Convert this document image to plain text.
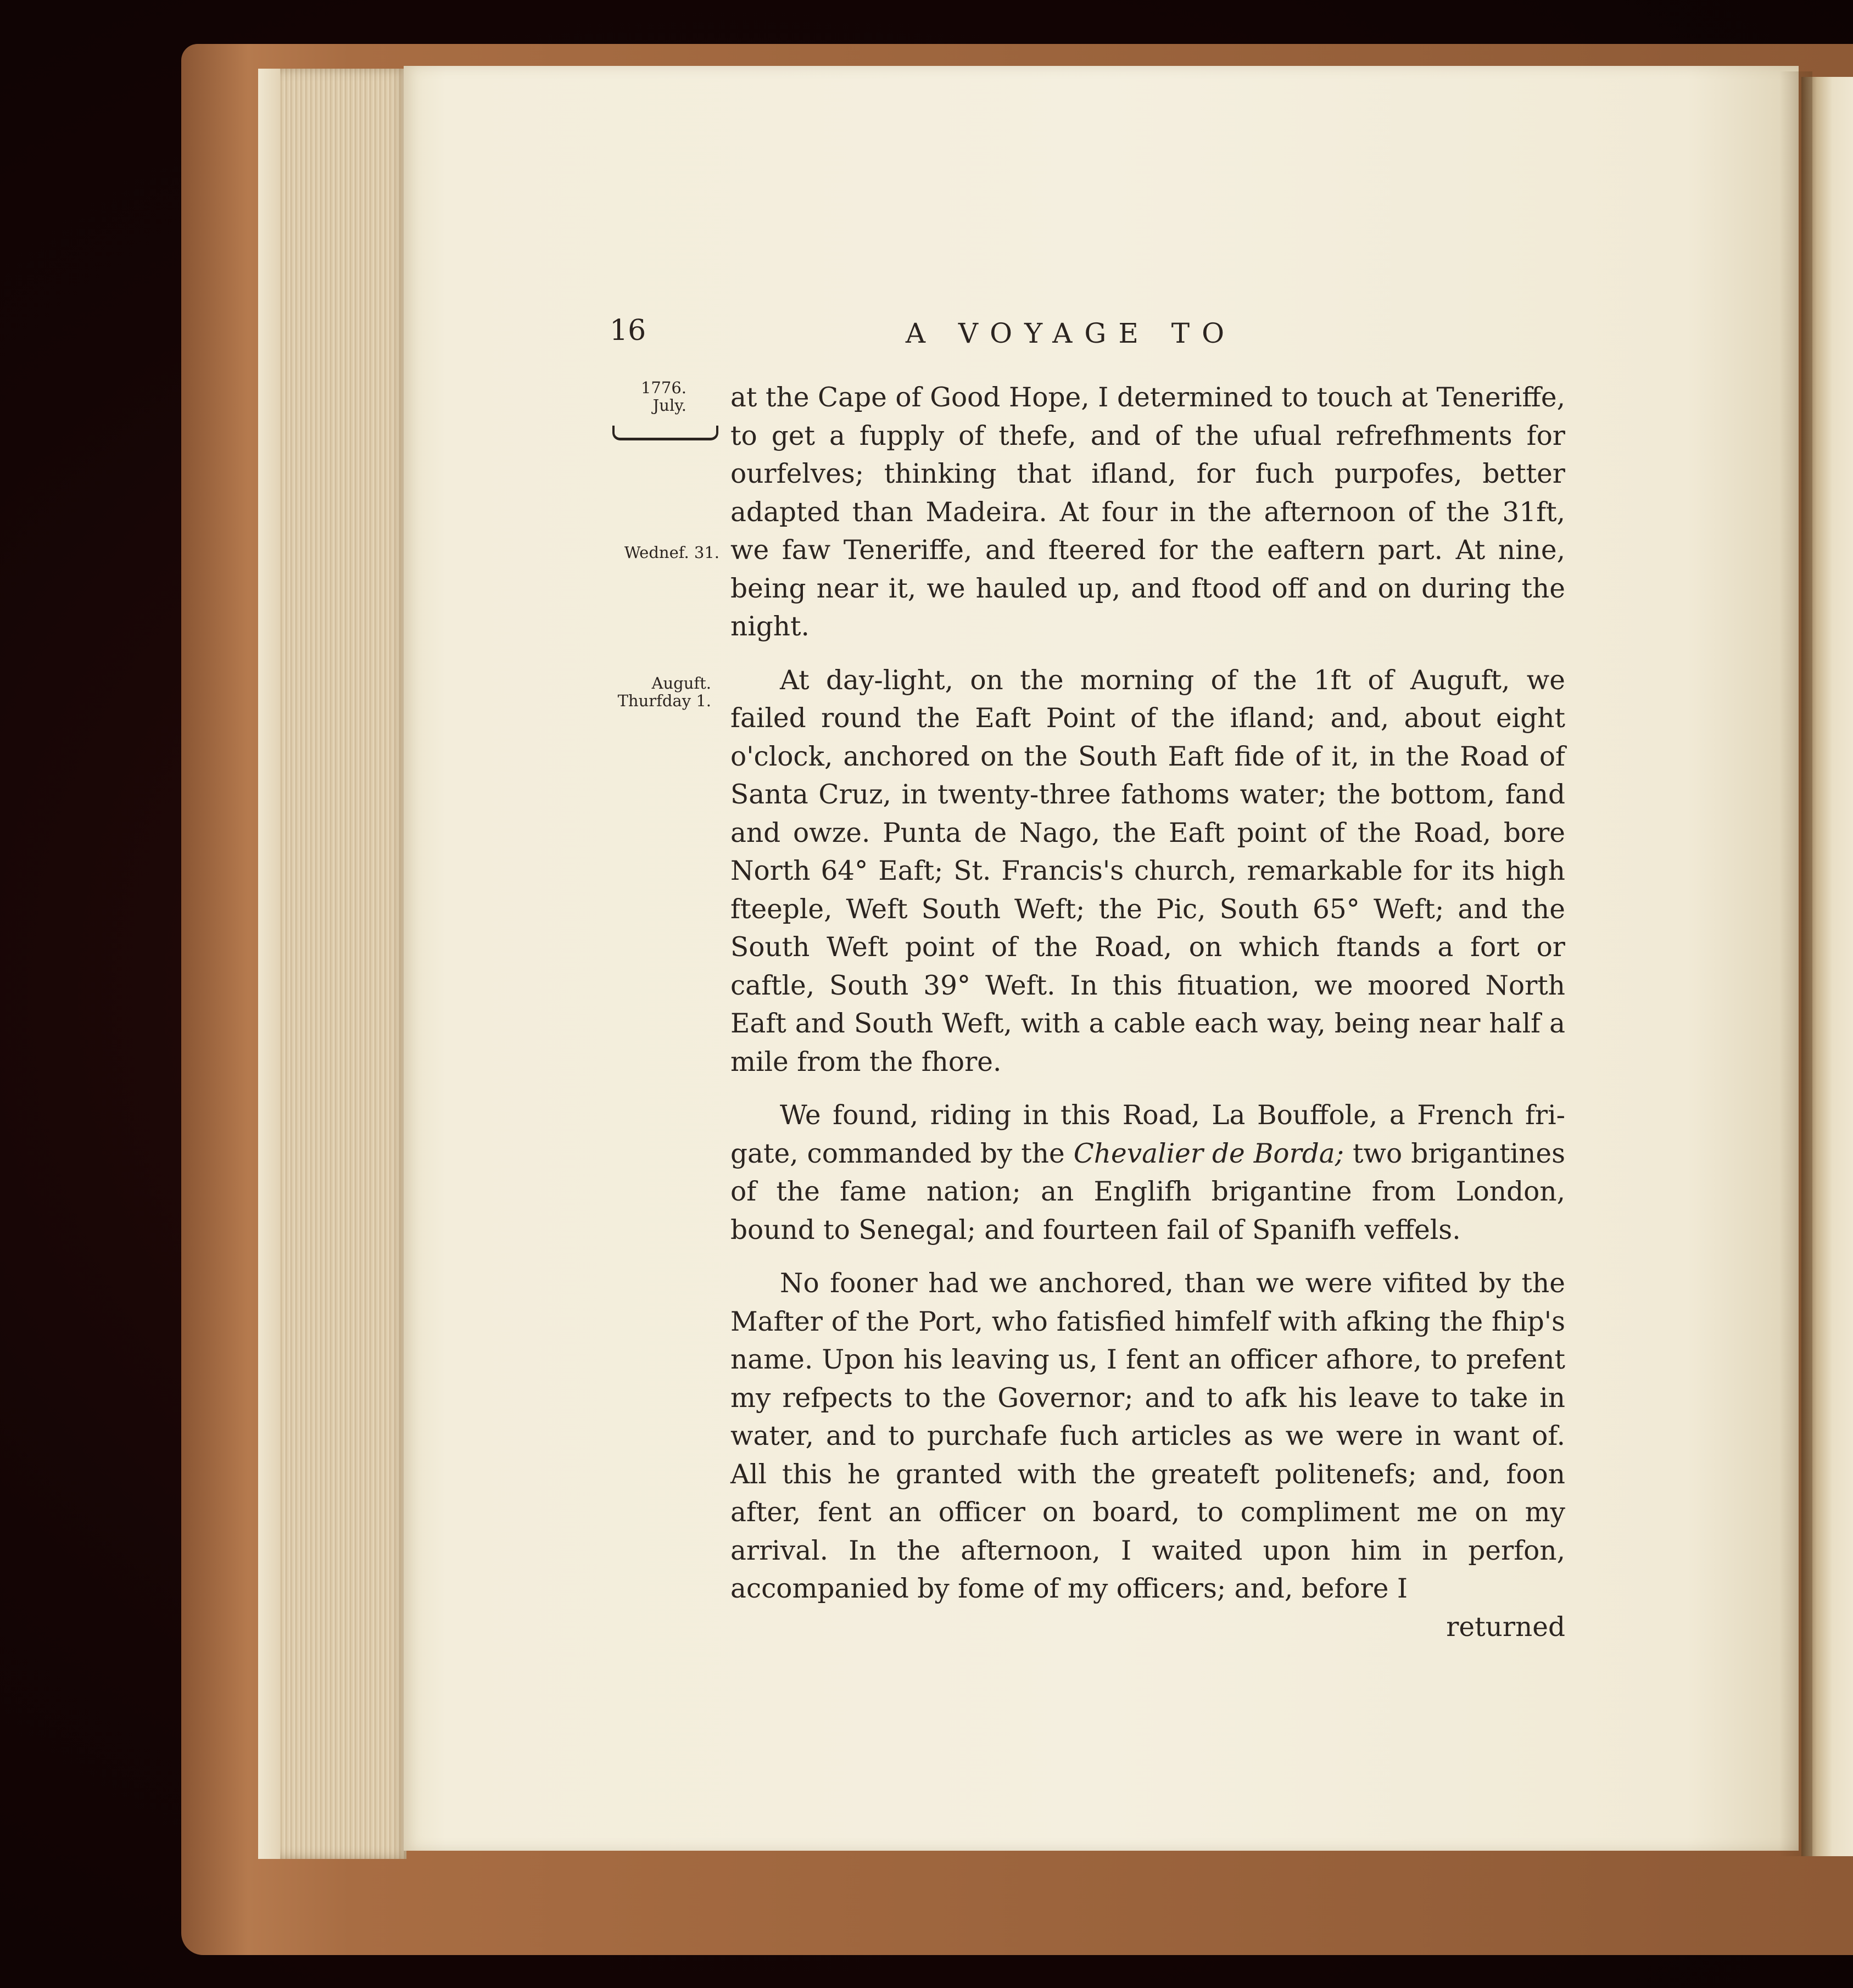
16	A VOYAGE TO
1776.
July.
Wednef. 31.
Auguft.
Thurfday 1.

at the Cape of Good Hope, I determined to touch at Teneriffe, to get a fupply of thefe, and of the ufual refrefhments for ourfelves; thinking that ifland, for fuch purpofes, better adapted than Madeira. At four in the afternoon of the 31ft, we faw Teneriffe, and fteered for the eaftern part. At nine, being near it, we hauled up, and ftood off and on during the night.

At day-light, on the morning of the 1ft of Auguft, we failed round the Eaft Point of the ifland; and, about eight o'clock, anchored on the South Eaft fide of it, in the Road of Santa Cruz, in twenty-three fathoms water; the bottom, fand and owze. Punta de Nago, the Eaft point of the Road, bore North 64° Eaft; St. Francis's church, remarkable for its high fteeple, Weft South Weft; the Pic, South 65° Weft; and the South Weft point of the Road, on which ftands a fort or caftle, South 39° Weft. In this fituation, we moored North Eaft and South Weft, with a cable each way, being near half a mile from the fhore.

We found, riding in this Road, La Bouffole, a French frigate, commanded by the Chevalier de Borda; two brigantines of the fame nation; an Englifh brigantine from London, bound to Senegal; and fourteen fail of Spanifh veffels.

No fooner had we anchored, than we were vifited by the Mafter of the Port, who fatisfied himfelf with afking the fhip's name. Upon his leaving us, I fent an officer afhore, to prefent my refpects to the Governor; and to afk his leave to take in water, and to purchafe fuch articles as we were in want of. All this he granted with the greateft politenefs; and, foon after, fent an officer on board, to compliment me on my arrival. In the afternoon, I waited upon him in perfon, accompanied by fome of my officers; and, before I

returned
